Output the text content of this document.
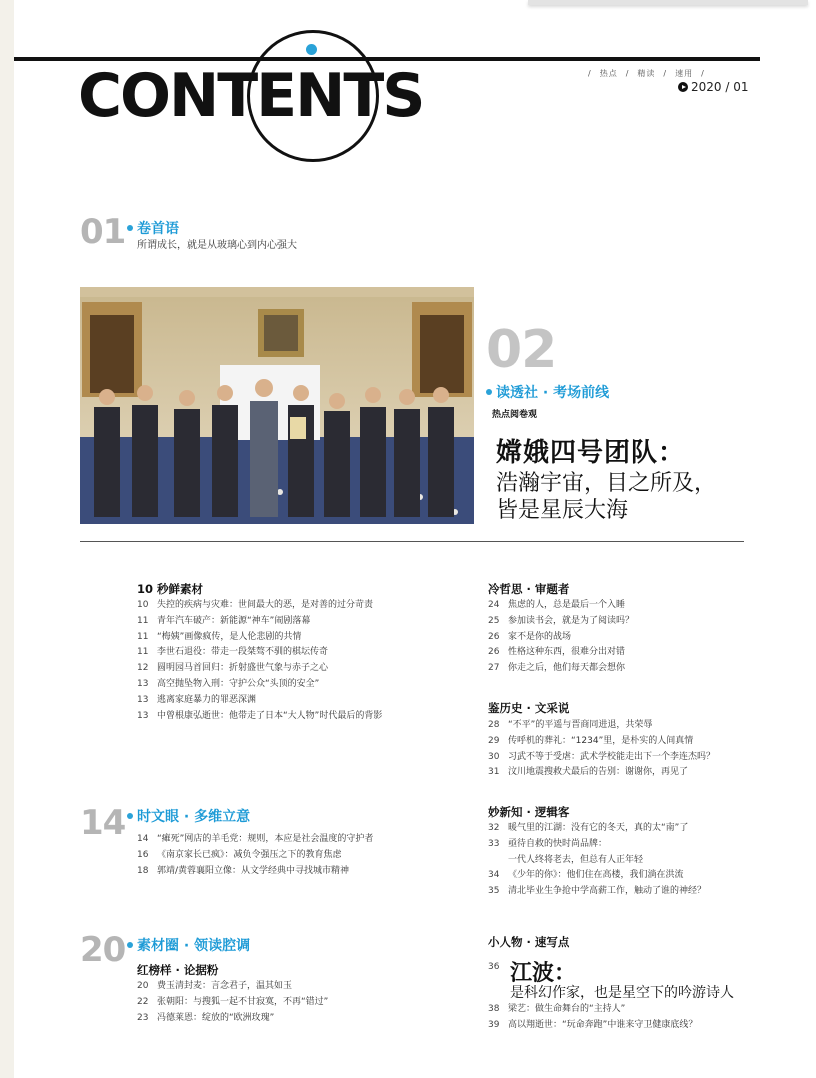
CONTENTS	/ 热点 / 精读 / 速用 /
2020 / 01
01 卷首语
所谓成长，就是从玻璃心到内心强大
02
读透社 · 考场前线
热点阅卷观
嫦娥四号团队：
浩瀚宇宙，目之所及，
皆是星辰大海
10 秒鲜素材
10 失控的疾病与灾难：世间最大的恶，是对善的过分苛责
11 青年汽车破产：新能源“神车”闹剧落幕
11 “梅姨”画像疯传，是人伦悲剧的共情
11 李世石退役：带走一段桀骜不驯的棋坛传奇
12 圆明园马首回归：折射盛世气象与赤子之心
13 高空抛坠物入刑：守护公众“头顶的安全”
13 逃离家庭暴力的罪恶深渊
13 中曾根康弘逝世：他带走了日本“大人物”时代最后的背影
14 时文眼 · 多维立意
14 “瘫死”网店的羊毛党：规则，本应是社会温度的守护者
16 《南京家长已疯》：减负令强压之下的教育焦虑
18 郭靖/黄蓉襄阳立像：从文学经典中寻找城市精神
20 素材圈 · 领读腔调
红榜样 · 论据粉
20 费玉清封麦：言念君子，温其如玉
22 张朝阳：与搜狐一起不甘寂寞，不再“错过”
23 冯德莱恩：绽放的“欧洲玫瑰”
冷哲思 · 审题者
24 焦虑的人，总是最后一个入睡
25 参加读书会，就是为了阅读吗？
26 家不是你的战场
26 性格这种东西，很难分出对错
27 你走之后，他们每天都会想你
鉴历史 · 文采说
28 “不平”的平遥与晋商同进退，共荣辱
29 传呼机的葬礼：“1234”里，是朴实的人间真情
30 习武不等于受虐：武术学校能走出下一个李连杰吗？
31 汶川地震搜救犬最后的告别：谢谢你，再见了
妙新知 · 逻辑客
32 暖气里的江湖：没有它的冬天，真的太“南”了
33 亟待自救的快时尚品牌：
一代人终将老去，但总有人正年轻
34 《少年的你》：他们住在高楼，我们淌在洪流
35 清北毕业生争抢中学高薪工作，触动了谁的神经？
小人物 · 速写点
36 江波：
是科幻作家，也是星空下的吟游诗人
38 梁艺：做生命舞台的“主持人”
39 高以翔逝世：“玩命奔跑”中谁来守卫健康底线？
